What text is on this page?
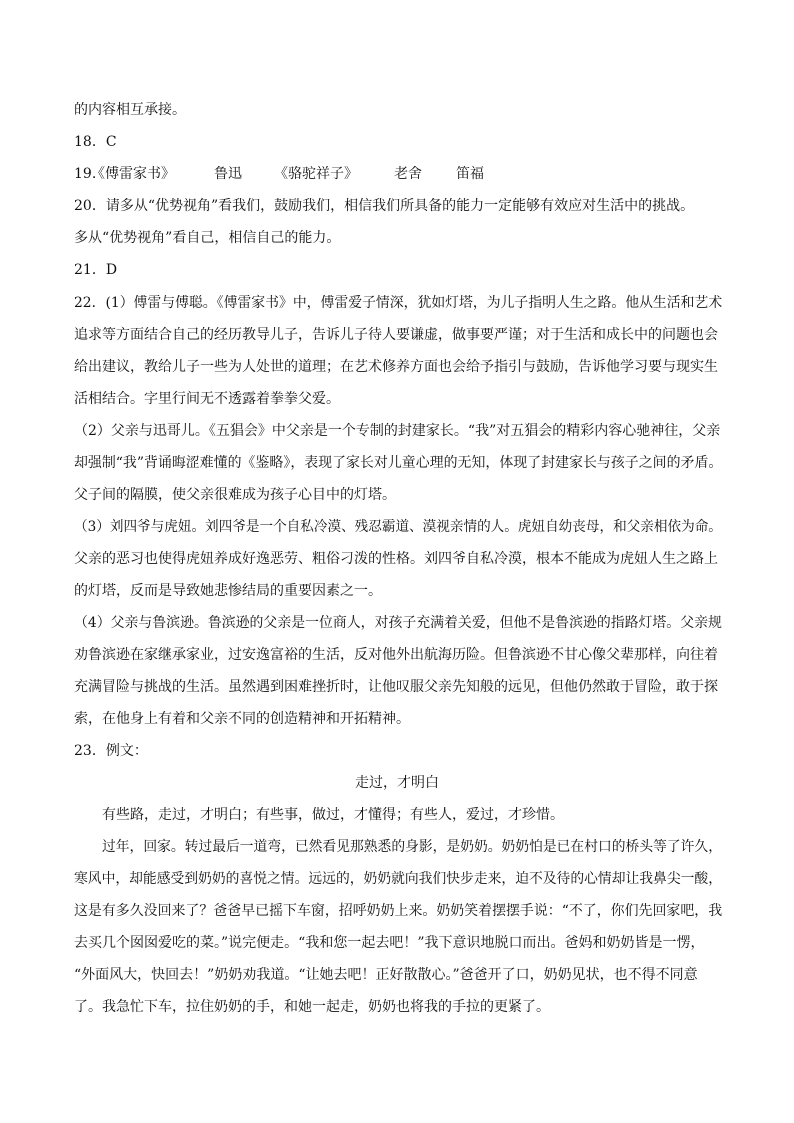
的内容相互承接。
18．C
19.
《傅雷家书》	鲁迅 《骆驼祥子》	老舍 笛福
20．请多从“优势视角”看我们，鼓励我们，相信我们所具备的能力一定能够有效应对生活中的挑战。
多从“优势视角”看自己，相信自己的能力。
21．D
22．(1）傅雷与傅聪。《傅雷家书》中，傅雷爱子情深，犹如灯塔，为儿子指明人生之路。他从生活和艺术
追求等方面结合自己的经历教导儿子，告诉儿子待人要谦虚，做事要严谨；对于生活和成长中的问题也会
给出建议，教给儿子一些为人处世的道理；在艺术修养方面也会给予指引与鼓励，告诉他学习要与现实生
活相结合。字里行间无不透露着拳拳父爱。
（2）父亲与迅哥儿。《五猖会》中父亲是一个专制的封建家长。“我”对五猖会的精彩内容心驰神往，父亲
却强制“我”背诵晦涩难懂的《鉴略》，表现了家长对儿童心理的无知，体现了封建家长与孩子之间的矛盾。
父子间的隔膜，使父亲很难成为孩子心目中的灯塔。
（3）刘四爷与虎妞。刘四爷是一个自私冷漠、残忍霸道、漠视亲情的人。虎妞自幼丧母，和父亲相依为命。
父亲的恶习也使得虎妞养成好逸恶劳、粗俗刁泼的性格。刘四爷自私冷漠，根本不能成为虎妞人生之路上
的灯塔，反而是导致她悲惨结局的重要因素之一。
（4）父亲与鲁滨逊。鲁滨逊的父亲是一位商人，对孩子充满着关爱，但他不是鲁滨逊的指路灯塔。父亲规
劝鲁滨逊在家继承家业，过安逸富裕的生活，反对他外出航海历险。但鲁滨逊不甘心像父辈那样，向往着
充满冒险与挑战的生活。虽然遇到困难挫折时，让他叹服父亲先知般的远见，但他仍然敢于冒险，敢于探
索，在他身上有着和父亲不同的创造精神和开拓精神。
23．例文：
走过，才明白
有些路，走过，才明白；有些事，做过，才懂得；有些人，爱过，才珍惜。
过年，回家。转过最后一道弯，已然看见那熟悉的身影，是奶奶。奶奶怕是已在村口的桥头等了许久，
寒风中，却能感受到奶奶的喜悦之情。远远的，奶奶就向我们快步走来，迫不及待的心情却让我鼻尖一酸，
这是有多久没回来了？爸爸早已摇下车窗，招呼奶奶上来。奶奶笑着摆摆手说：“不了，你们先回家吧，我
去买几个囡囡爱吃的菜。”说完便走。“我和您一起去吧！”我下意识地脱口而出。爸妈和奶奶皆是一愣，
“外面风大，快回去！”奶奶劝我道。“让她去吧！正好散散心。”爸爸开了口，奶奶见状，也不得不同意
了。我急忙下车，拉住奶奶的手，和她一起走，奶奶也将我的手拉的更紧了。
